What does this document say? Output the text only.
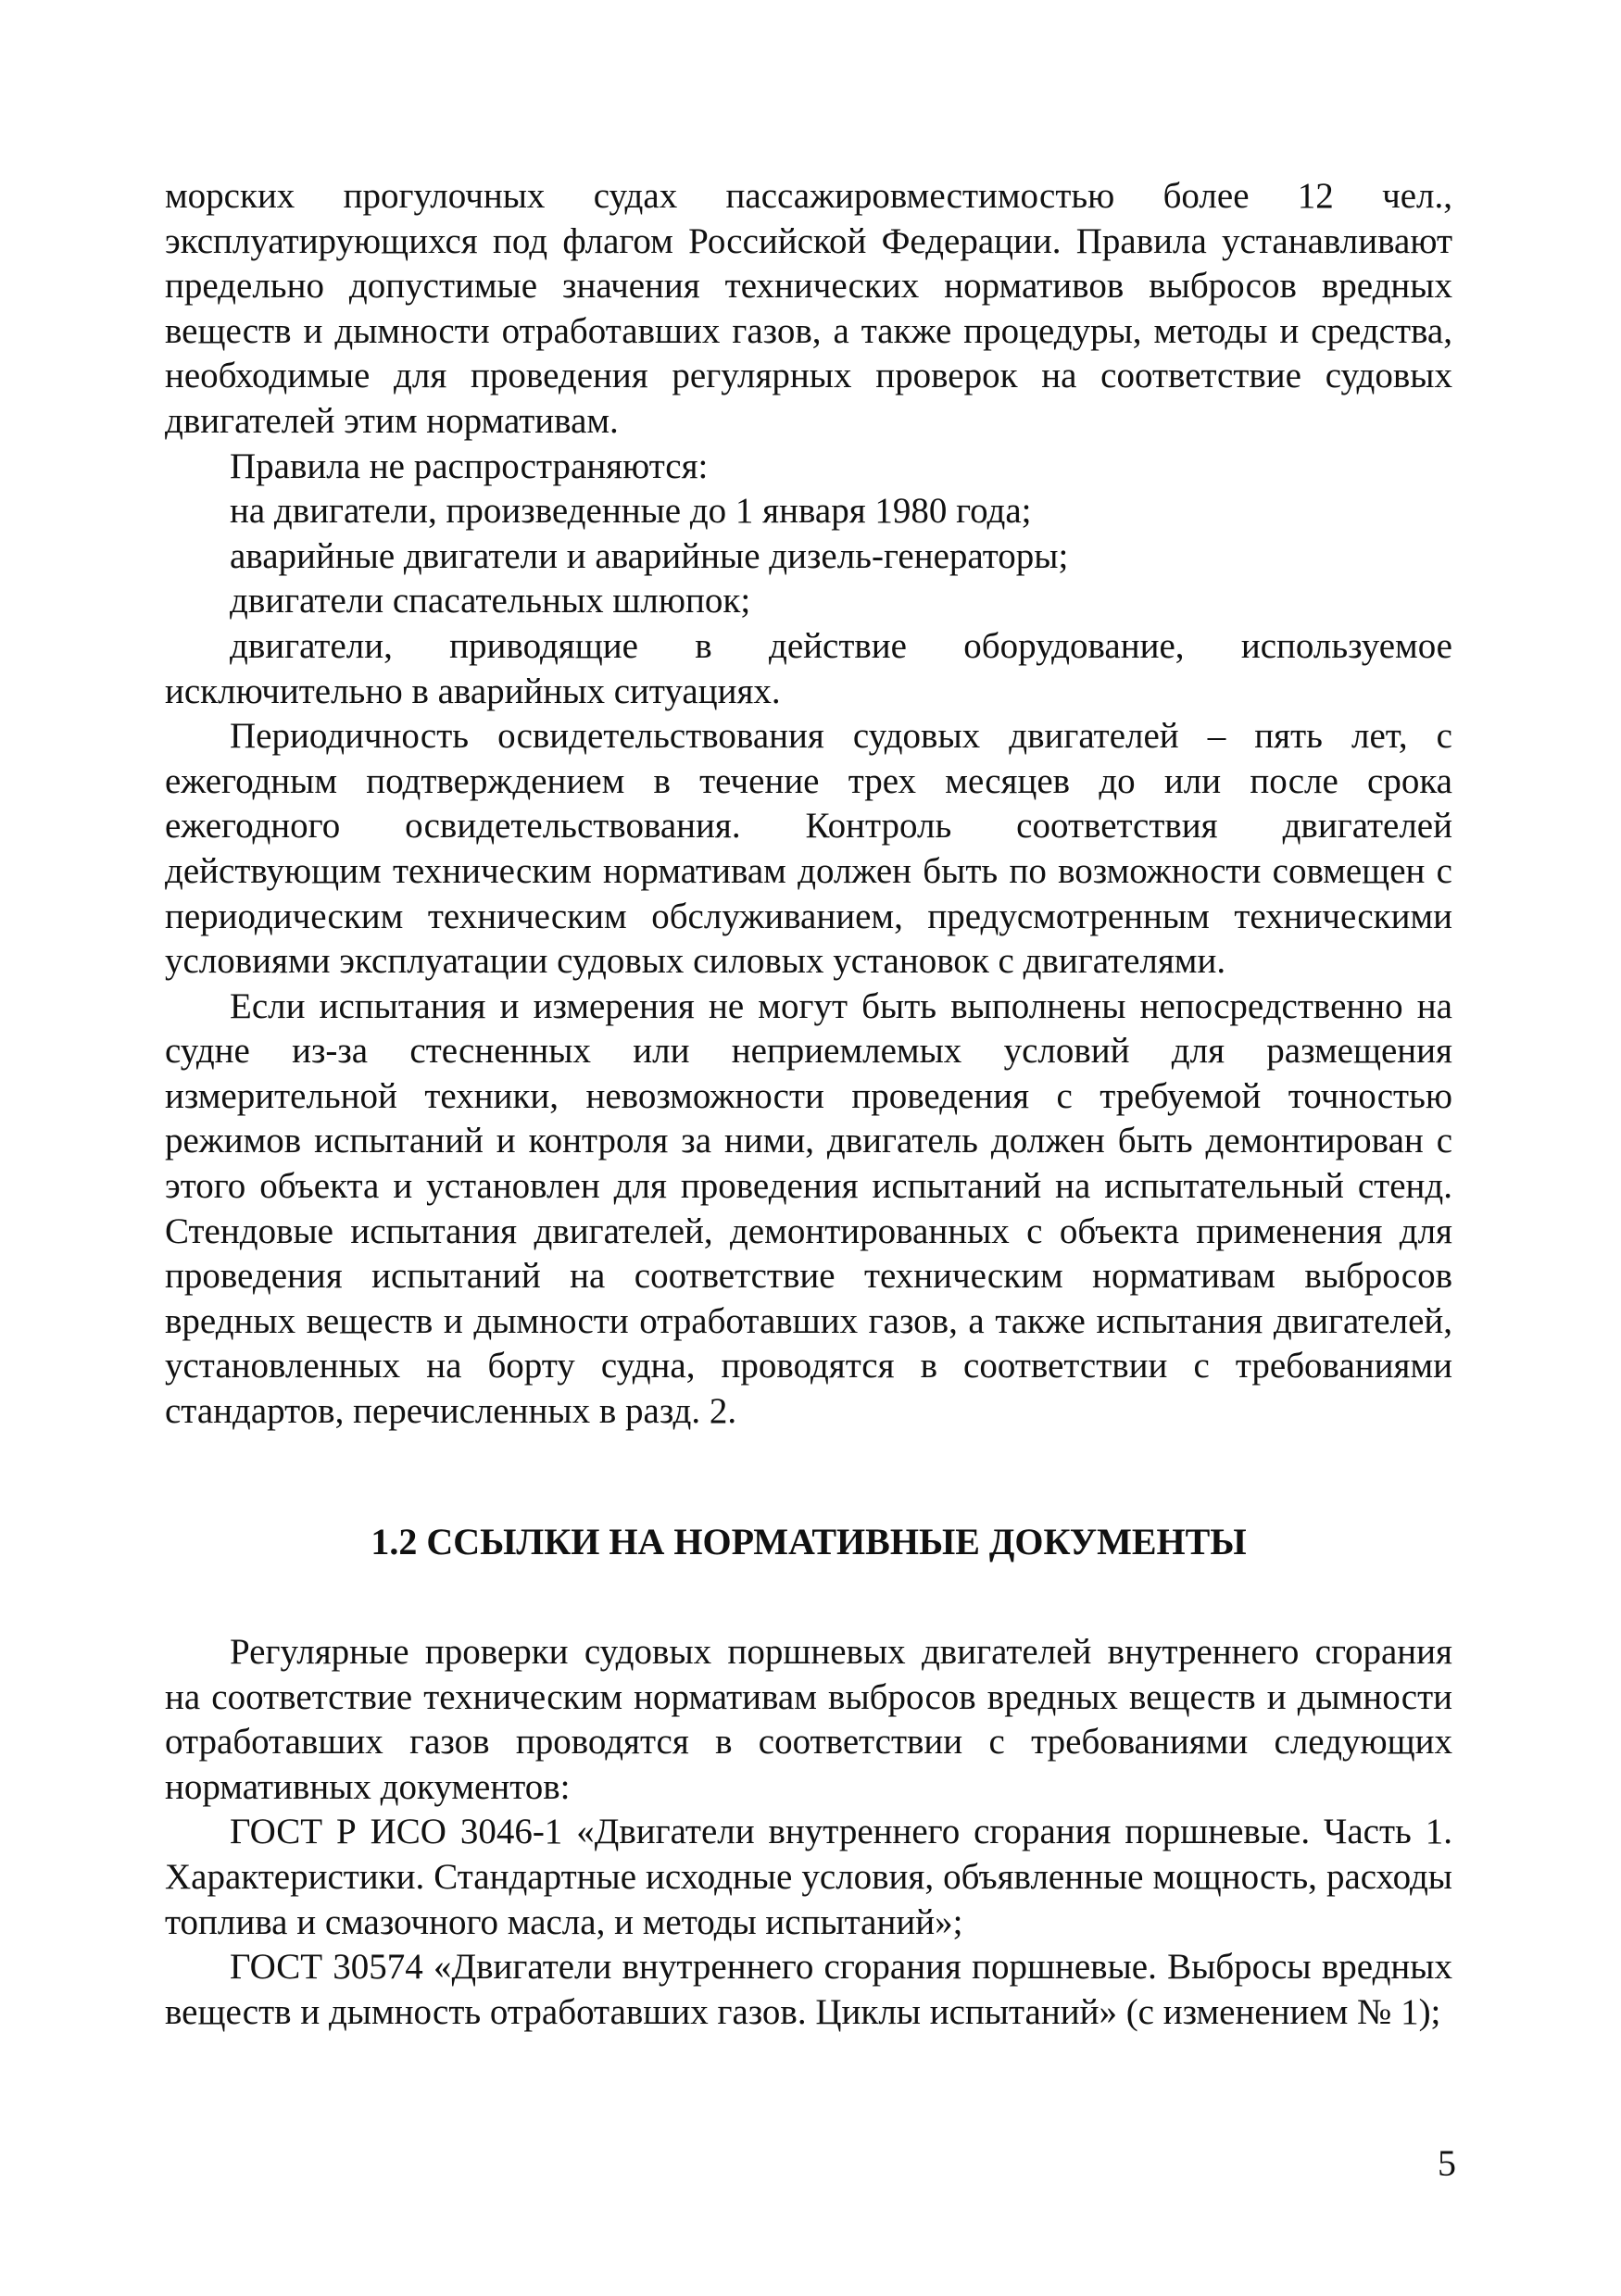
морских прогулочных судах пассажировместимостью более 12 чел., эксплуатирующихся под флагом Российской Федерации. Правила устанавливают предельно допустимые значения технических нормативов выбросов вредных веществ и дымности отработавших газов, а также процедуры, методы и средства, необходимые для проведения регулярных проверок на соответствие судовых двигателей этим нормативам.

Правила не распространяются:

на двигатели, произведенные до 1 января 1980 года;

аварийные двигатели и аварийные дизель-генераторы;

двигатели спасательных шлюпок;

двигатели, приводящие в действие оборудование, используемое исключительно в аварийных ситуациях.

Периодичность освидетельствования судовых двигателей – пять лет, с ежегодным подтверждением в течение трех месяцев до или после срока ежегодного освидетельствования. Контроль соответствия двигателей действующим техническим нормативам должен быть по возможности совмещен с периодическим техническим обслуживанием, предусмотренным техническими условиями эксплуатации судовых силовых установок с двигателями.

Если испытания и измерения не могут быть выполнены непосредственно на судне из-за стесненных или неприемлемых условий для размещения измерительной техники, невозможности проведения с требуемой точностью режимов испытаний и контроля за ними, двигатель должен быть демонтирован с этого объекта и установлен для проведения испытаний на испытательный стенд. Стендовые испытания двигателей, демонтированных с объекта применения для проведения испытаний на соответствие техническим нормативам выбросов вредных веществ и дымности отработавших газов, а также испытания двигателей, установленных на борту судна, проводятся в соответствии с требованиями стандартов, перечисленных в разд. 2.

1.2 ССЫЛКИ НА НОРМАТИВНЫЕ ДОКУМЕНТЫ

Регулярные проверки судовых поршневых двигателей внутреннего сгорания на соответствие техническим нормативам выбросов вредных веществ и дымности отработавших газов проводятся в соответствии с требованиями следующих нормативных документов:

ГОСТ Р ИСО 3046-1 «Двигатели внутреннего сгорания поршневые. Часть 1. Характеристики. Стандартные исходные условия, объявленные мощность, расходы топлива и смазочного масла, и методы испытаний»;

ГОСТ 30574 «Двигатели внутреннего сгорания поршневые. Выбросы вредных веществ и дымность отработавших газов. Циклы испытаний» (с изменением № 1);

5
